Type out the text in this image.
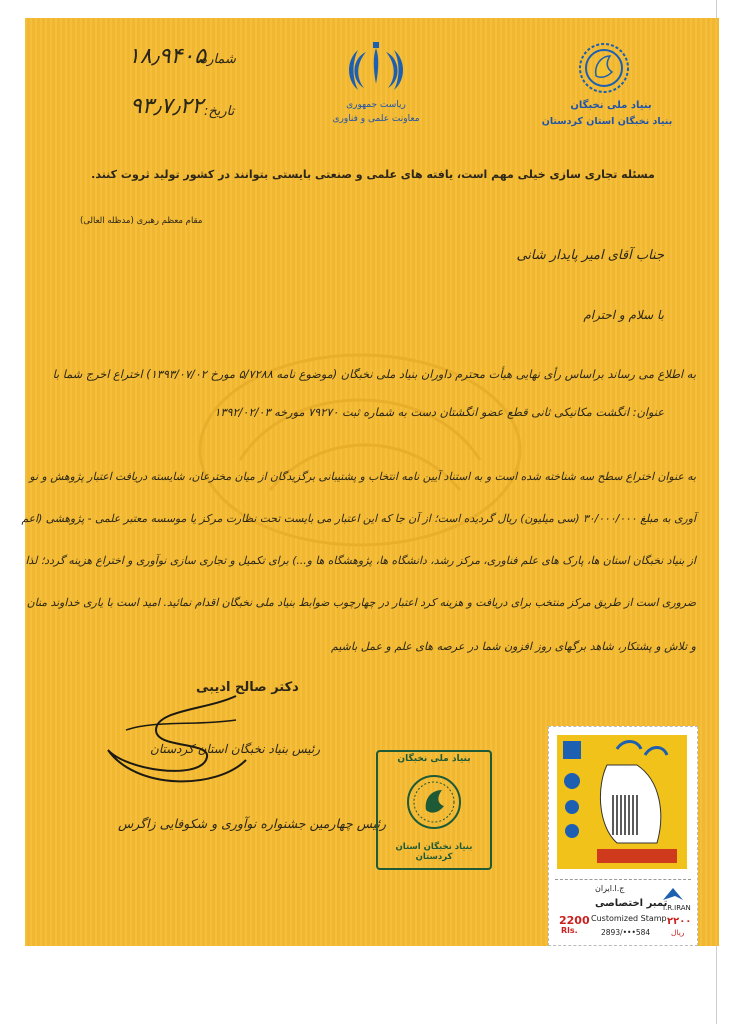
شماره:
۱۸٫۹۴۰۵
تاریخ:
۹۳٫۷٫۲۲	ریاست جمهوری
معاونت علمی و فناوری
بنیاد ملی نخبگان
بنیاد نخبگان استان کردستان
مسئله تجاری سازی خیلی مهم است، یافته های علمی و صنعتی بایستی بتوانند در کشور تولید ثروت کنند.
مقام معظم رهبری (مدظله العالی)
جناب آقای امیر پایدار شانی
با سلام و احترام
به اطلاع می رساند براساس رأی نهایی هیأت محترم داوران بنیاد ملی نخبگان (موضوع نامه ۵/۷۲۸۸ مورخ ۱۳۹۳/۰۷/۰۲) اختراع اخرج شما با
عنوان: انگشت مکانیکی ثانی قطع عضو انگشتان دست به شماره ثبت ۷۹۲۷۰ مورخه ۱۳۹۲/۰۲/۰۳
به عنوان اختراع سطح سه شناخته شده است و به استناد آیین نامه انتخاب و پشتیبانی برگزیدگان از میان مخترعان، شایسته دریافت اعتبار پژوهش و نو
آوری به مبلغ ۳۰/۰۰۰/۰۰۰ (سی میلیون) ریال گردیده است؛ از آن جا که این اعتبار می بایست تحت نظارت مرکز یا موسسه معتبر علمی - پژوهشی (اعم
از بنیاد نخبگان استان ها، پارک های علم فناوری، مرکز رشد، دانشگاه ها، پژوهشگاه ها و...) برای تکمیل و تجاری سازی نوآوری و اختراع هزینه گردد؛ لذا
ضروری است از طریق مرکز منتخب برای دریافت و هزینه کرد اعتبار در چهارچوب ضوابط بنیاد ملی نخبگان اقدام نمائید. امید است با یاری خداوند منان
و تلاش و پشتکار، شاهد برگهای روز افزون شما در عرصه های علم و عمل باشیم
دکتر صالح ادیبی
رئیس بنیاد نخبگان استان کردستان
رئیس چهارمین جشنواره نوآوری و شکوفایی زاگرس
بنیاد ملی نخبگان
بنیاد نخبگان استان کردستان
ج.ا.ایران
I.R.IRAN
تمبر اختصاصی
Customized Stamp
2200
Rls.	2893/•••584
۲۲۰۰
ریال
